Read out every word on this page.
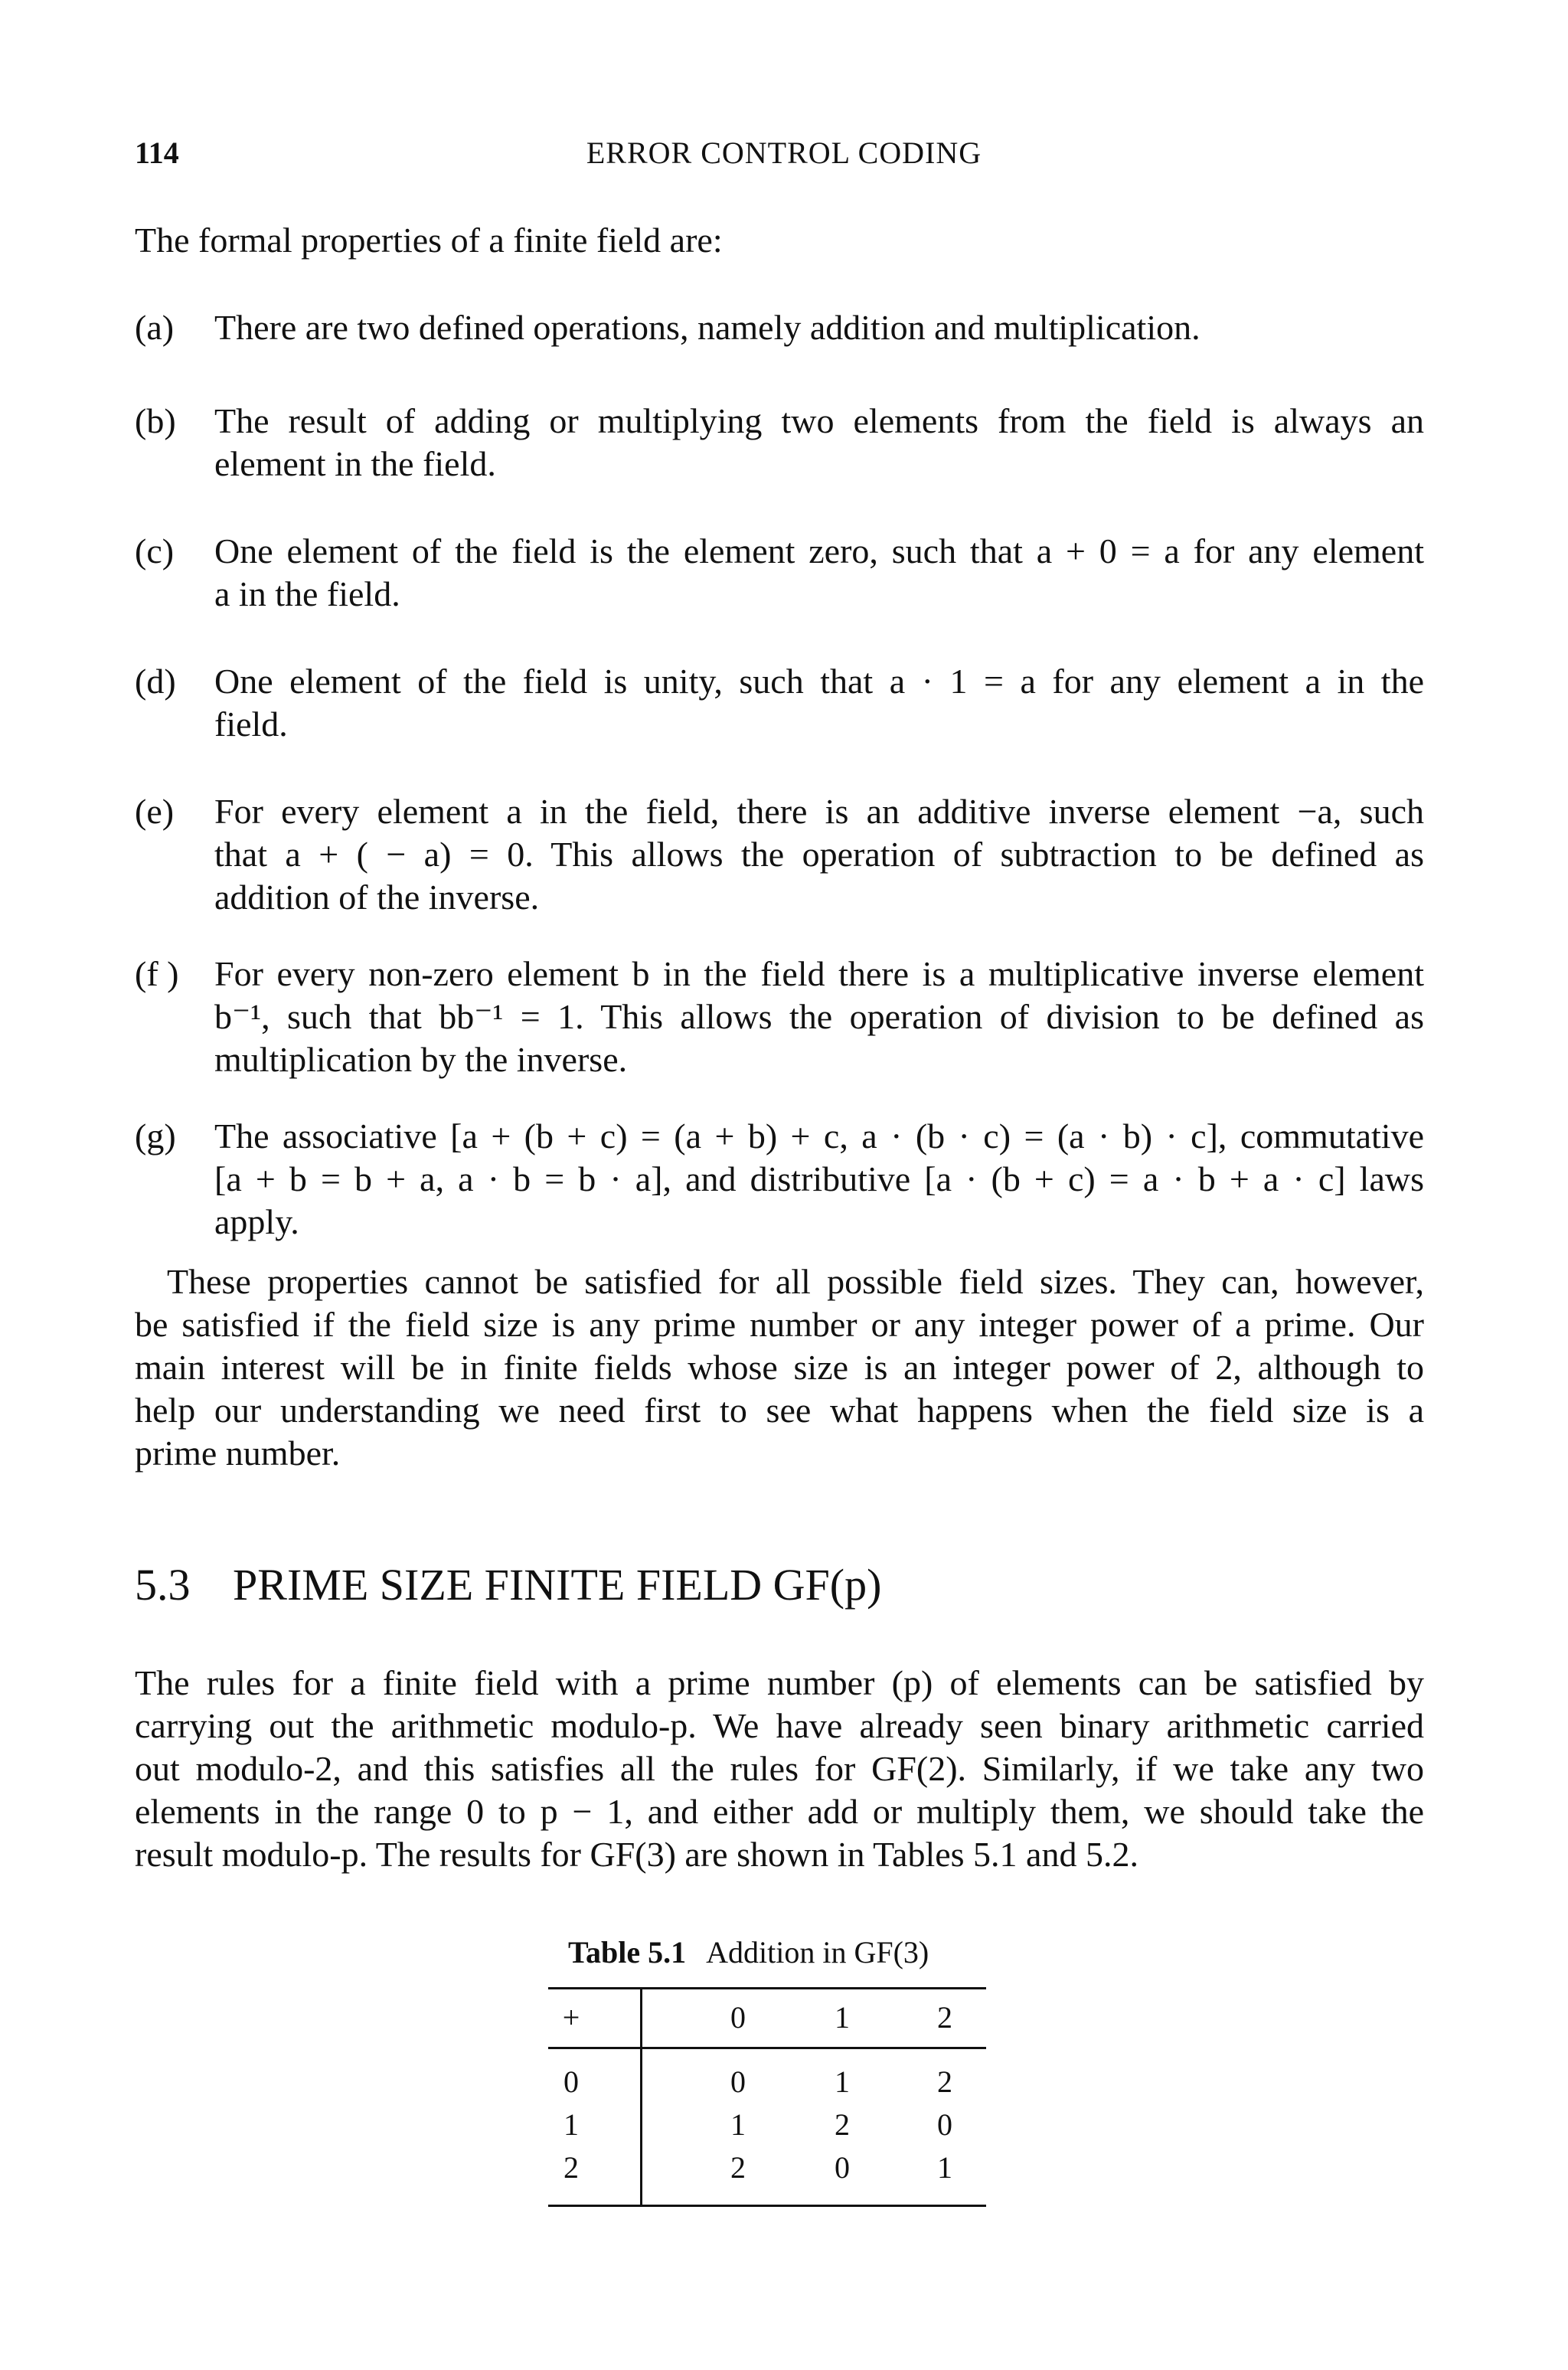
114	ERROR CONTROL CODING
The formal properties of a finite field are:
(a) There are two defined operations, namely addition and multiplication.
(b) The result of adding or multiplying two elements from the field is always an
element in the field.
(c) One element of the field is the element zero, such that a + 0 = a for any element
a in the field.
(d) One element of the field is unity, such that a · 1 = a for any element a in the
field.
(e) For every element a in the field, there is an additive inverse element −a, such
that a + ( − a) = 0. This allows the operation of subtraction to be defined as
addition of the inverse.
(f ) For every non-zero element b in the field there is a multiplicative inverse element
b⁻¹, such that bb⁻¹ = 1. This allows the operation of division to be defined as
multiplication by the inverse.
(g) The associative [a + (b + c) = (a + b) + c, a · (b · c) = (a · b) · c], commutative
[a + b = b + a, a · b = b · a], and distributive [a · (b + c) = a · b + a · c] laws
apply.
These properties cannot be satisfied for all possible field sizes. They can, however,
be satisfied if the field size is any prime number or any integer power of a prime. Our
main interest will be in finite fields whose size is an integer power of 2, although to
help our understanding we need first to see what happens when the field size is a
prime number.
5.3 PRIME SIZE FINITE FIELD GF(p)
The rules for a finite field with a prime number (p) of elements can be satisfied by
carrying out the arithmetic modulo-p. We have already seen binary arithmetic carried
out modulo-2, and this satisfies all the rules for GF(2). Similarly, if we take any two
elements in the range 0 to p − 1, and either add or multiply them, we should take the
result modulo-p. The results for GF(3) are shown in Tables 5.1 and 5.2.
Table 5.1 Addition in GF(3)
+	0	1	2
0	0	1	2
1	1	2	0
2	2	0	1
